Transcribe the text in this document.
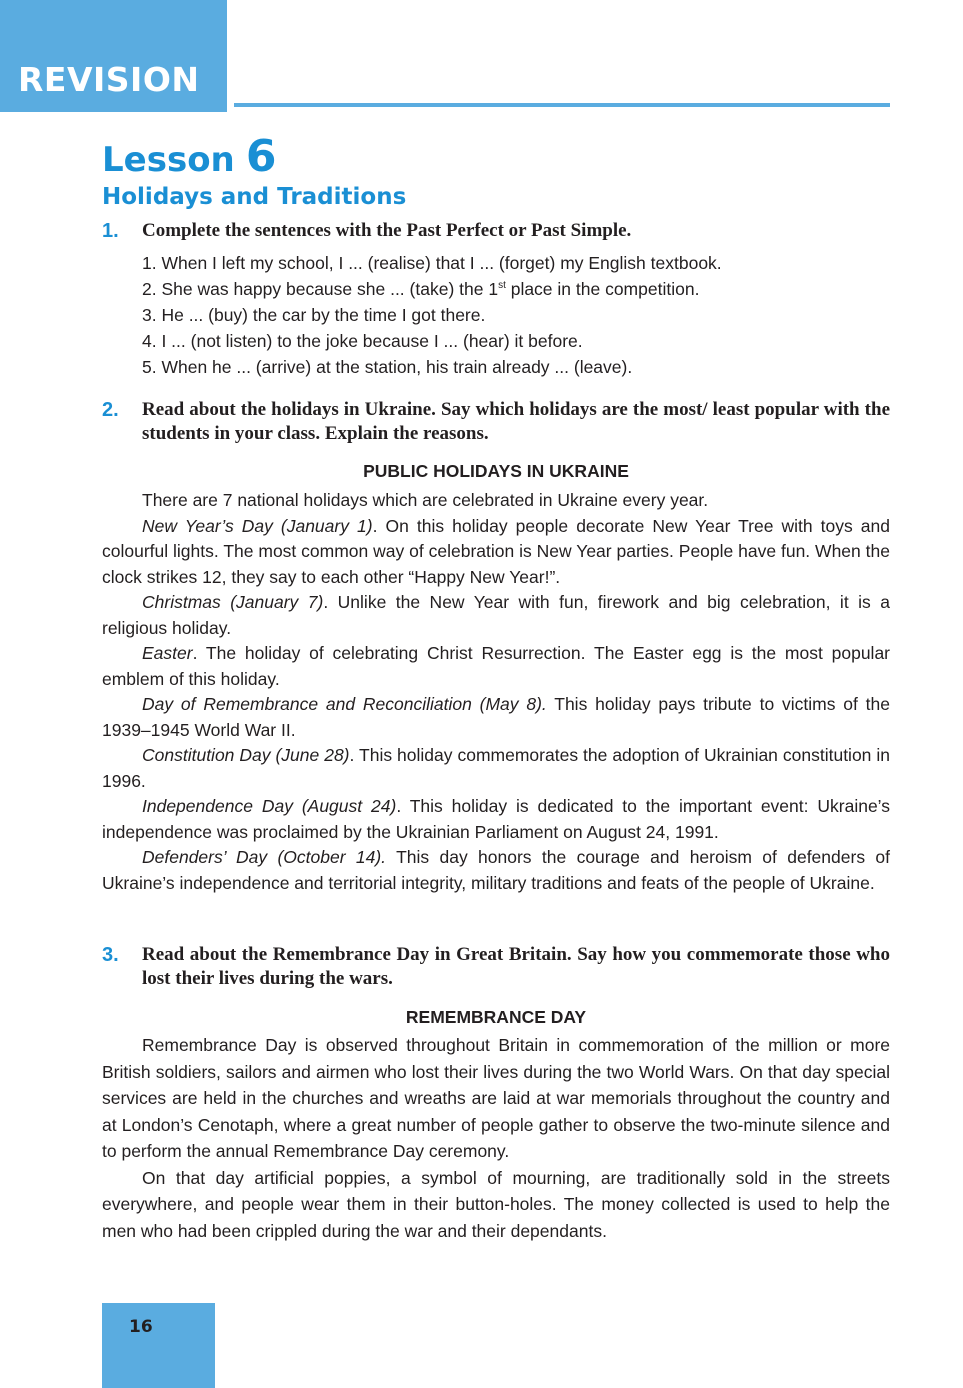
REVISION
Lesson 6
Holidays and Traditions
1. Complete the sentences with the Past Perfect or Past Simple.

1. When I left my school, I ... (realise) that I ... (forget) my English textbook.
2. She was happy because she ... (take) the 1st place in the competition.
3. He ... (buy) the car by the time I got there.
4. I ... (not listen) to the joke because I ... (hear) it before.
5. When he ... (arrive) at the station, his train already ... (leave).
2. Read about the holidays in Ukraine. Say which holidays are the most/ least popular with the students in your class. Explain the reasons.

PUBLIC HOLIDAYS IN UKRAINE

There are 7 national holidays which are celebrated in Ukraine every year.

New Year’s Day (January 1). On this holiday people decorate New Year Tree with toys and colourful lights. The most common way of celebration is New Year parties. People have fun. When the clock strikes 12, they say to each other “Happy New Year!”.

Christmas (January 7). Unlike the New Year with fun, firework and big celebration, it is a religious holiday.

Easter. The holiday of celebrating Christ Resurrection. The Easter egg is the most popular emblem of this holiday.

Day of Remembrance and Reconciliation (May 8). This holiday pays tribute to victims of the 1939–1945 World War II.

Constitution Day (June 28). This holiday commemorates the adoption of Ukrainian constitution in 1996.

Independence Day (August 24). This holiday is dedicated to the important event: Ukraine’s independence was proclaimed by the Ukrainian Parliament on August 24, 1991.

Defenders’ Day (October 14). This day honors the courage and heroism of defenders of Ukraine’s independence and territorial integrity, military traditions and feats of the people of Ukraine.

3. Read about the Remembrance Day in Great Britain. Say how you commemorate those who lost their lives during the wars.

REMEMBRANCE DAY

Remembrance Day is observed throughout Britain in commemoration of the million or more British soldiers, sailors and airmen who lost their lives during the two World Wars. On that day special services are held in the churches and wreaths are laid at war memorials throughout the country and at London’s Cenotaph, where a great number of people gather to observe the two-minute silence and to perform the annual Remembrance Day ceremony.

On that day artificial poppies, a symbol of mourning, are traditionally sold in the streets everywhere, and people wear them in their button-holes. The money collected is used to help the men who had been crippled during the war and their dependants.

16
